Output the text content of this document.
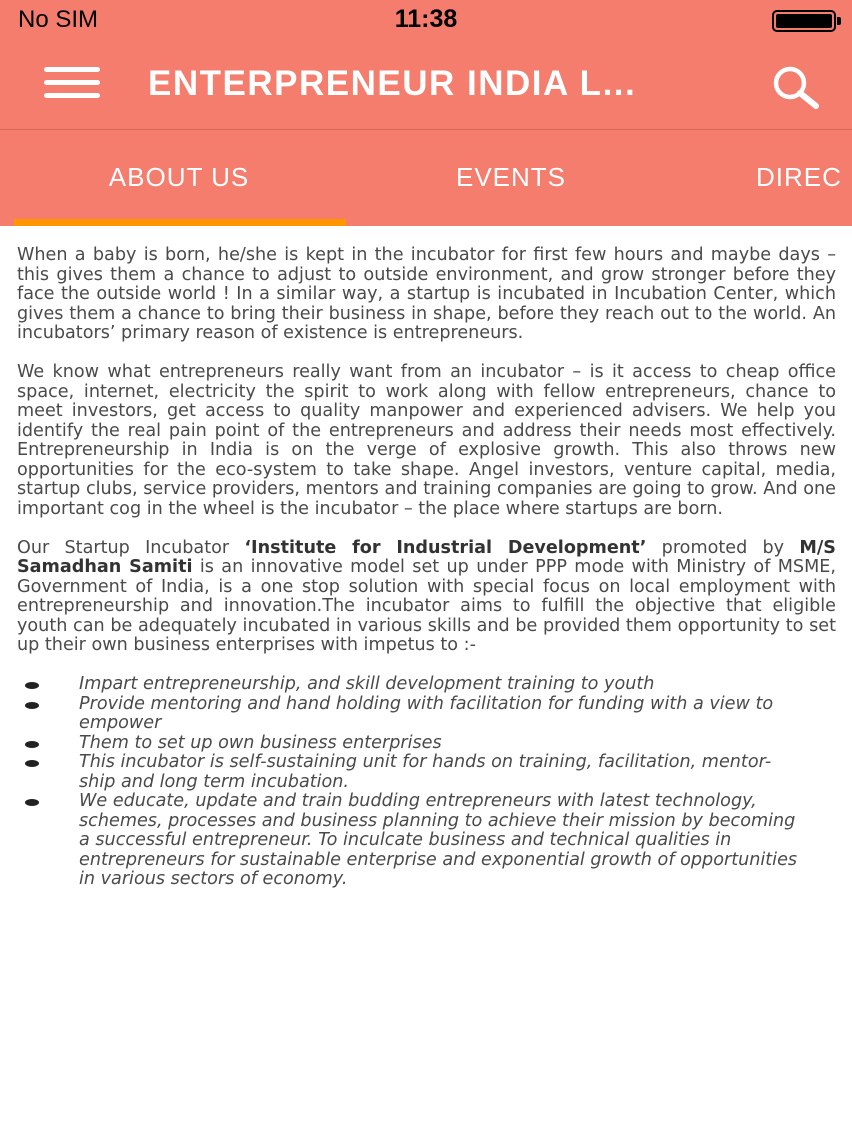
No SIM	11:38
ENTERPRENEUR INDIA L...
ABOUT US	EVENTS	DIREC

When a baby is born, he/she is kept in the incubator for first few hours and maybe days – this gives them a chance to adjust to outside environment, and grow stronger before they face the outside world ! In a similar way, a startup is incubated in Incubation Center, which gives them a chance to bring their business in shape, before they reach out to the world. An incubators’ primary reason of existence is entrepreneurs.

We know what entrepreneurs really want from an incubator – is it access to cheap office space, internet, electricity the spirit to work along with fellow entrepreneurs, chance to meet investors, get access to quality manpower and experienced advisers. We help you identify the real pain point of the entrepreneurs and address their needs most effectively. Entrepreneurship in India is on the verge of explosive growth. This also throws new opportunities for the eco-system to take shape. Angel investors, venture capital, media, startup clubs, service providers, mentors and training companies are going to grow. And one important cog in the wheel is the incubator – the place where startups are born.

Our Startup Incubator ‘Institute for Industrial Development’ promoted by M/S Samadhan Samiti is an innovative model set up under PPP mode with Ministry of MSME, Government of India, is a one stop solution with special focus on local employment with entrepreneurship and innovation.The incubator aims to fulfill the objective that eligible youth can be adequately incubated in various skills and be provided them opportunity to set up their own business enterprises with impetus to :-

Impart entrepreneurship, and skill development training to youth
Provide mentoring and hand holding with facilitation for funding with a view to empower
Them to set up own business enterprises
This incubator is self-sustaining unit for hands on training, facilitation, mentor-ship and long term incubation.
We educate, update and train budding entrepreneurs with latest technology, schemes, processes and business planning to achieve their mission by becoming a successful entrepreneur. To inculcate business and technical qualities in entrepreneurs for sustainable enterprise and exponential growth of opportunities in various sectors of economy.
